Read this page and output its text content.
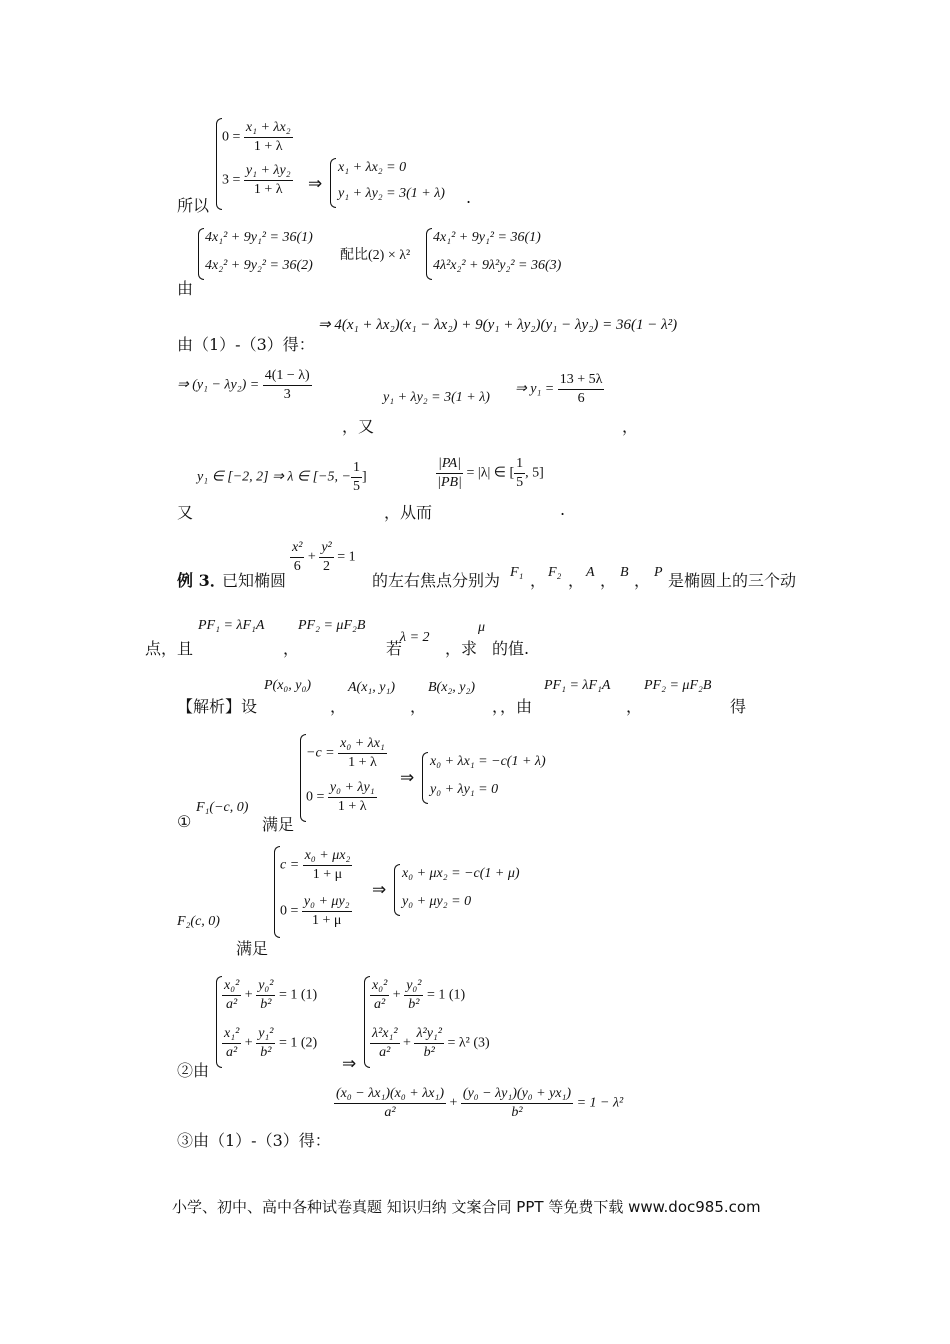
所以
$0 = \frac{\text{x₁ + λx₂}}{1 + \lambda}$
$3 = \frac{\text{y₁ + λy₂}}{1 + \lambda}$ ⇒
x₁ + λx₂ = 0
y₁ + λy₂ = 3(1 + λ) .
由
4x₁² + 9y₁² = 36(1)
4x₂² + 9y₂² = 36(2)
配比(2) × λ²
4x₁² + 9y₁² = 36(1)
4λ²x₂² + 9λ²y₂² = 36(3)
由（1）-（3）得：
⇒ 4(x₁ + λx₂)(x₁ − λx₂) + 9(y₁ + λy₂)(y₁ − λy₂) = 36(1 − λ²)
⇒ $(y_1 - \lambda y_2) = \frac{4(1 - \lambda)}{3}$
，又
y₁ + λy₂ = 3(1 + λ)
⇒ $y_1 = \frac{13 + 5\lambda}{6}$
，
又
y₁ ∈ [−2, 2] ⇒ λ ∈ [−5, − $\frac{1}{5}$ ]
，从而
$\frac{|PA|}{|PB|} = |\lambda|$ ∈ [ $\frac{1}{5}$ , 5]
.
例 3．
已知椭圆
$\frac{\text{x²}}{6} + \frac{\text{y²}}{2} = 1$
的左右焦点分别为 F₁ ， F₂ ， A ， B ， P 是椭圆上的三个动
点，且
PF₁ = λF₁A
，
PF₂ = μF₂B
若
λ = 2
，求
μ
的值.
【解析】设
P(x₀, y₀)
，
A(x₁, y₁)
，
B(x₂, y₂)
，，由
PF₁ = λF₁A
，
PF₂ = μF₂B
得
①
F₁(−c, 0)
满足
$-c = \frac{\text{x₀ + λx₁}}{1 + \lambda}$
$0 = \frac{\text{y₀ + λy₁}}{1 + \lambda}$
⇒
x₀ + λx₁ = −c(1 + λ)
y₀ + λy₁ = 0
F₂(c, 0)
满足
$c = \frac{\text{x₀ + μx₂}}{1 + \mu}$
$0 = \frac{\text{y₀ + μy₂}}{1 + \mu}$
⇒
x₀ + μx₂ = −c(1 + μ)
y₀ + μy₂ = 0
②由
$\frac{\text{x₀²}}{\text{a²}} + \frac{\text{y₀²}}{\text{b²}} = 1$ (1)
$\frac{\text{x₁²}}{\text{a²}} + \frac{\text{y₁²}}{\text{b²}} = 1$ (2)
⇒
$\frac{\text{x₀²}}{\text{a²}} + \frac{\text{y₀²}}{\text{b²}} = 1$ (1)
$\frac{\text{λ²x₁²}}{\text{a²}} + \frac{\text{λ²y₁²}}{\text{b²}} = \lambda^2$ (3)
$\frac{\text{(x₀ − λx₁)(x₀ + λx₁)}}{\text{a²}} + \frac{\text{(y₀ − λy₁)(y₀ + yx₁)}}{\text{b²}} = 1 - \lambda^2$
③由（1）-（3）得：
小学、初中、高中各种试卷真题 知识归纳 文案合同 PPT 等免费下载 www.doc985.com
